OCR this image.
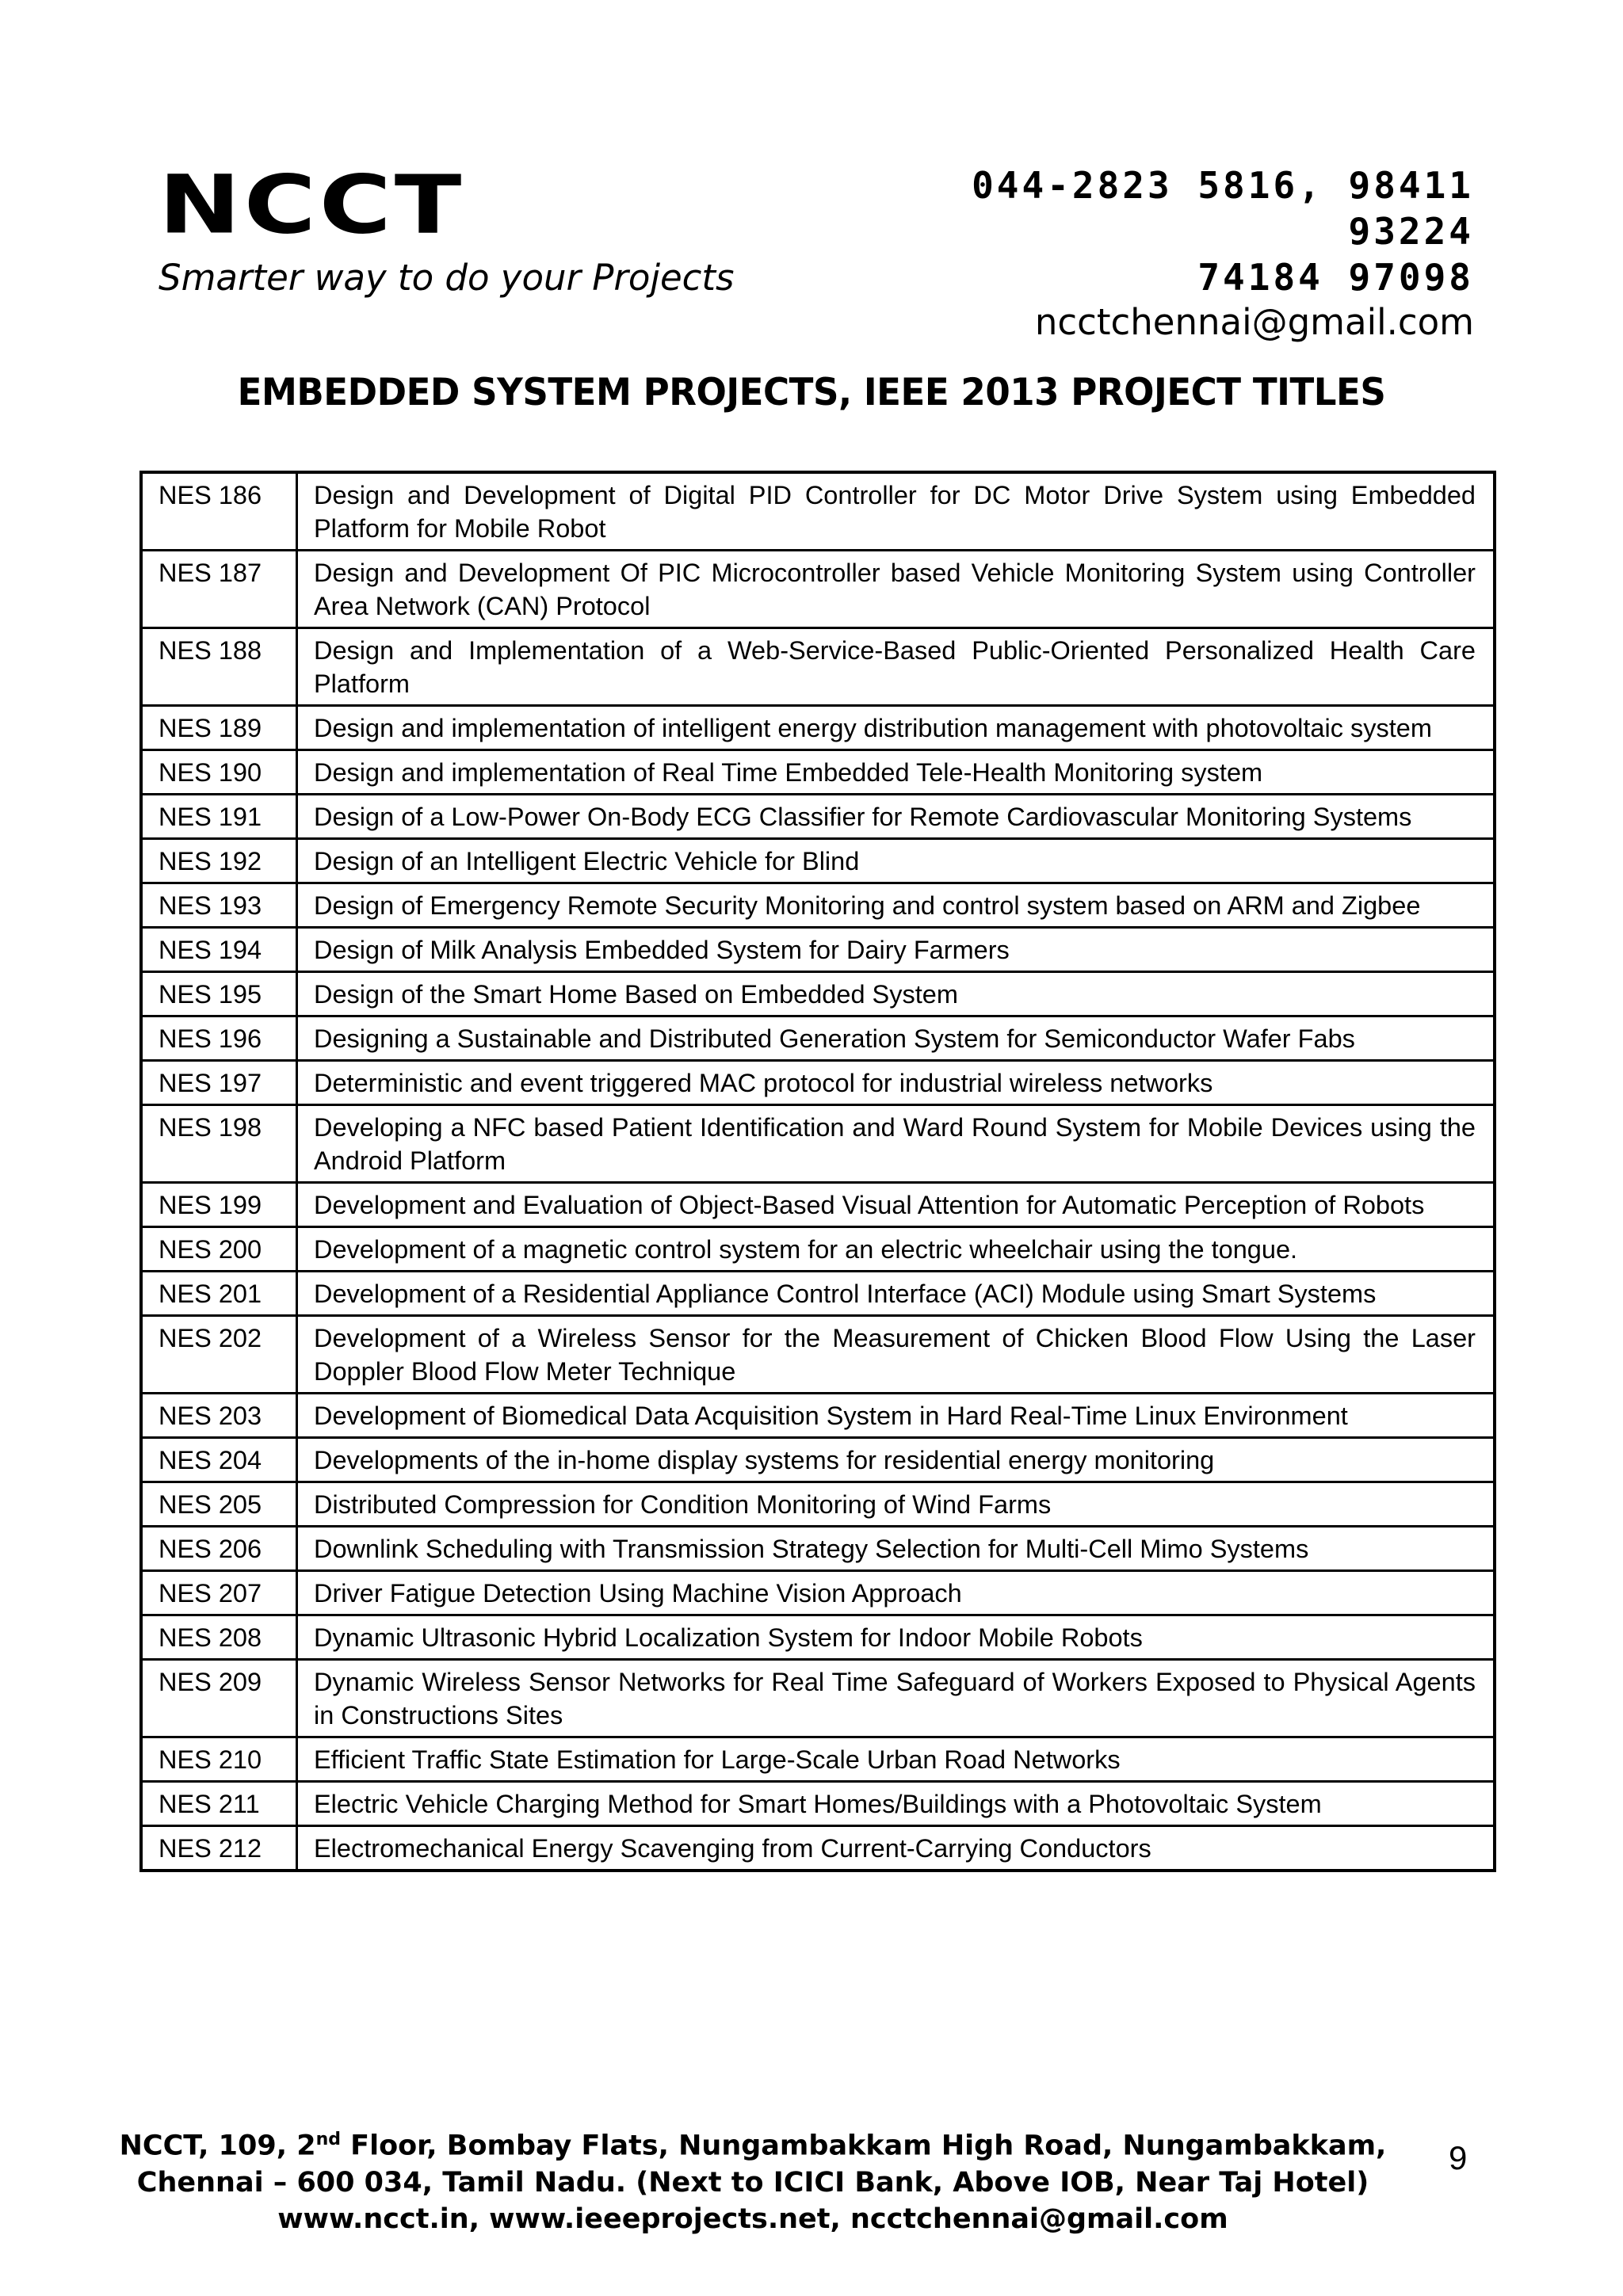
NCCT
Smarter way to do your Projects
044-2823 5816, 98411
93224
74184 97098
ncctchennai@gmail.com
EMBEDDED SYSTEM PROJECTS, IEEE 2013 PROJECT TITLES
NES 186	Design and Development of Digital PID Controller for DC Motor Drive System using Embedded Platform for Mobile Robot
NES 187	Design and Development Of PIC Microcontroller based Vehicle Monitoring System using Controller Area Network (CAN) Protocol
NES 188	Design and Implementation of a Web-Service-Based Public-Oriented Personalized Health Care Platform
NES 189	Design and implementation of intelligent energy distribution management with photovoltaic system
NES 190	Design and implementation of Real Time Embedded Tele-Health Monitoring system
NES 191	Design of a Low-Power On-Body ECG Classifier for Remote Cardiovascular Monitoring Systems
NES 192	Design of an Intelligent Electric Vehicle for Blind
NES 193	Design of Emergency Remote Security Monitoring and control system based on ARM and Zigbee
NES 194	Design of Milk Analysis Embedded System for Dairy Farmers
NES 195	Design of the Smart Home Based on Embedded System
NES 196	Designing a Sustainable and Distributed Generation System for Semiconductor Wafer Fabs
NES 197	Deterministic and event triggered MAC protocol for industrial wireless networks
NES 198	Developing a NFC based Patient Identification and Ward Round System for Mobile Devices using the Android Platform
NES 199	Development and Evaluation of Object-Based Visual Attention for Automatic Perception of Robots
NES 200	Development of a magnetic control system for an electric wheelchair using the tongue.
NES 201	Development of a Residential Appliance Control Interface (ACI) Module using Smart Systems
NES 202	Development of a Wireless Sensor for the Measurement of Chicken Blood Flow Using the Laser Doppler Blood Flow Meter Technique
NES 203	Development of Biomedical Data Acquisition System in Hard Real-Time Linux Environment
NES 204	Developments of the in-home display systems for residential energy monitoring
NES 205	Distributed Compression for Condition Monitoring of Wind Farms
NES 206	Downlink Scheduling with Transmission Strategy Selection for Multi-Cell Mimo Systems
NES 207	Driver Fatigue Detection Using Machine Vision Approach
NES 208	Dynamic Ultrasonic Hybrid Localization System for Indoor Mobile Robots
NES 209	Dynamic Wireless Sensor Networks for Real Time Safeguard of Workers Exposed to Physical Agents in Constructions Sites
NES 210	Efficient Traffic State Estimation for Large-Scale Urban Road Networks
NES 211	Electric Vehicle Charging Method for Smart Homes/Buildings with a Photovoltaic System
NES 212	Electromechanical Energy Scavenging from Current-Carrying Conductors
NCCT, 109, 2nd Floor, Bombay Flats, Nungambakkam High Road, Nungambakkam,
Chennai – 600 034, Tamil Nadu. (Next to ICICI Bank, Above IOB, Near Taj Hotel)
www.ncct.in, www.ieeeprojects.net, ncctchennai@gmail.com
9
